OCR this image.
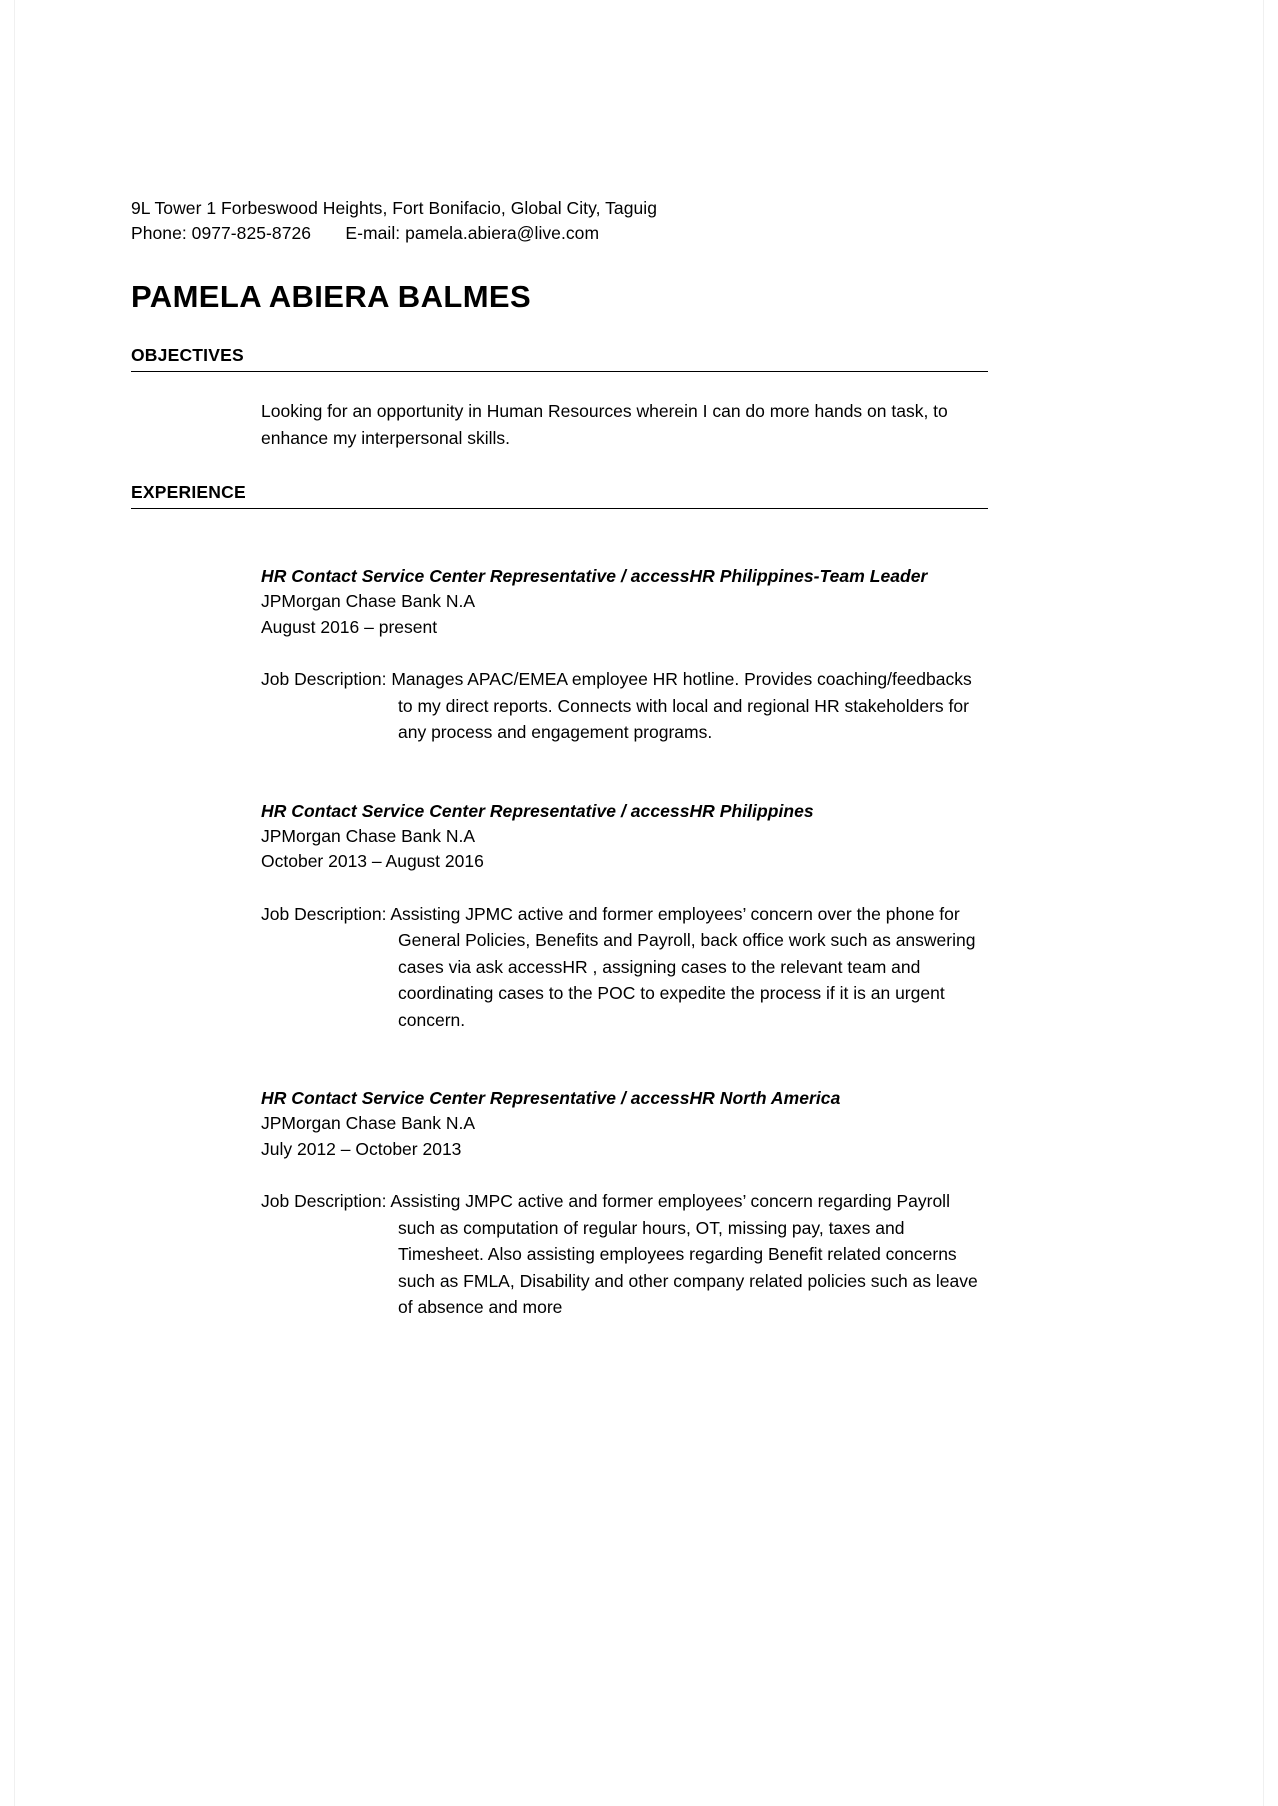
9L Tower 1 Forbeswood Heights, Fort Bonifacio, Global City, Taguig
Phone: 0977-825-8726       E-mail: pamela.abiera@live.com
PAMELA ABIERA BALMES
OBJECTIVES
Looking for an opportunity in Human Resources wherein I can do more hands on task, to enhance my interpersonal skills.
EXPERIENCE
HR Contact Service Center Representative / accessHR Philippines-Team Leader
JPMorgan Chase Bank N.A
August 2016 – present
Job Description: Manages APAC/EMEA employee HR hotline. Provides coaching/feedbacks to my direct reports. Connects with local and regional HR stakeholders for any process and engagement programs.
HR Contact Service Center Representative / accessHR Philippines
JPMorgan Chase Bank N.A
October 2013 – August 2016
Job Description: Assisting JPMC active and former employees’ concern over the phone for General Policies, Benefits and Payroll, back office work such as answering cases via ask accessHR , assigning cases to the relevant team and coordinating cases to the POC to expedite the process if it is an urgent concern.
HR Contact Service Center Representative / accessHR North America
JPMorgan Chase Bank N.A
July 2012 – October 2013
Job Description: Assisting JMPC active and former employees’ concern regarding Payroll such as computation of regular hours, OT, missing pay, taxes and Timesheet. Also assisting employees regarding Benefit related concerns such as FMLA, Disability and other company related policies such as leave of absence and more
